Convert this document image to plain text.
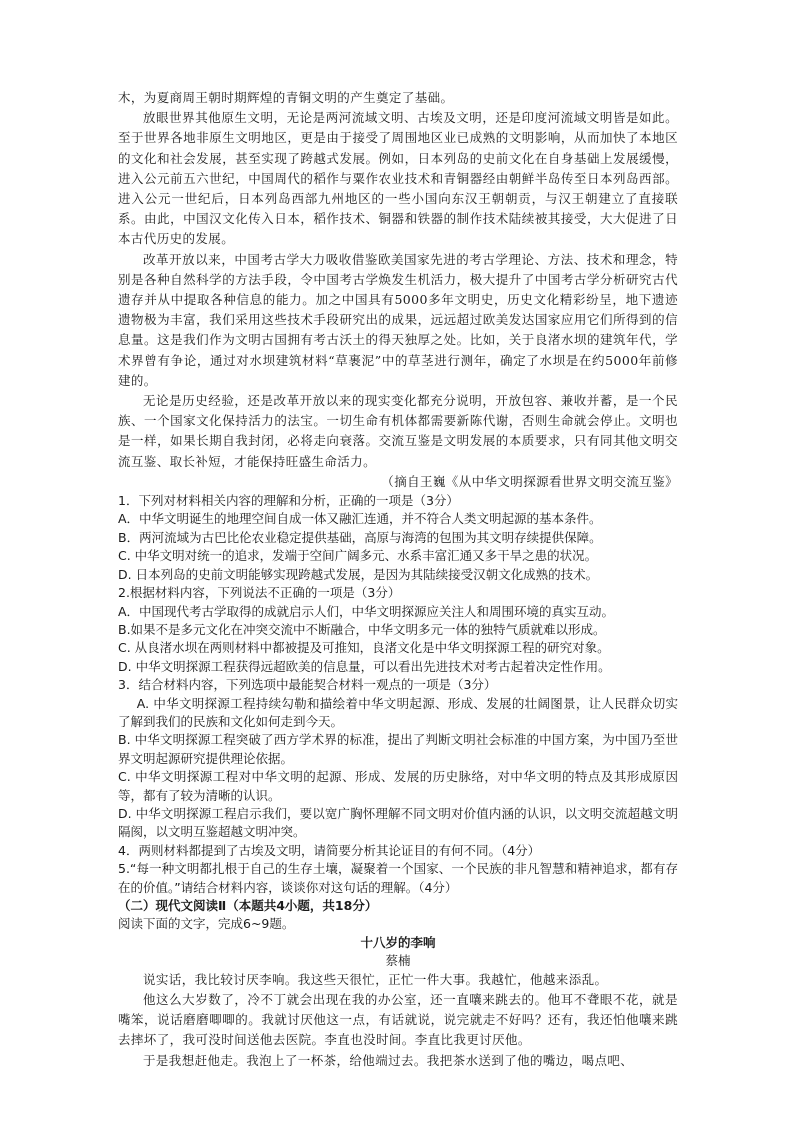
木，为夏商周王朝时期辉煌的青铜文明的产生奠定了基础。

放眼世界其他原生文明，无论是两河流域文明、古埃及文明，还是印度河流域文明皆是如此。至于世界各地非原生文明地区，更是由于接受了周围地区业已成熟的文明影响，从而加快了本地区的文化和社会发展，甚至实现了跨越式发展。例如，日本列岛的史前文化在自身基础上发展缓慢，进入公元前五六世纪，中国周代的稻作与粟作农业技术和青铜器经由朝鲜半岛传至日本列岛西部。进入公元一世纪后，日本列岛西部九州地区的一些小国向东汉王朝朝贡，与汉王朝建立了直接联系。由此，中国汉文化传入日本，稻作技术、铜器和铁器的制作技术陆续被其接受，大大促进了日本古代历史的发展。

改革开放以来，中国考古学大力吸收借鉴欧美国家先进的考古学理论、方法、技术和理念，特别是各种自然科学的方法手段，令中国考古学焕发生机活力，极大提升了中国考古学分析研究古代遗存并从中提取各种信息的能力。加之中国具有5000多年文明史，历史文化精彩纷呈，地下遗迹遗物极为丰富，我们采用这些技术手段研究出的成果，远远超过欧美发达国家应用它们所得到的信息量。这是我们作为文明古国拥有考古沃土的得天独厚之处。比如，关于良渚水坝的建筑年代，学术界曾有争论，通过对水坝建筑材料“草裹泥”中的草茎进行测年，确定了水坝是在约5000年前修建的。

无论是历史经验，还是改革开放以来的现实变化都充分说明，开放包容、兼收并蓄，是一个民族、一个国家文化保持活力的法宝。一切生命有机体都需要新陈代谢，否则生命就会停止。文明也是一样，如果长期自我封闭，必将走向衰落。交流互鉴是文明发展的本质要求，只有同其他文明交流互鉴、取长补短，才能保持旺盛生命活力。

（摘自王巍《从中华文明探源看世界文明交流互鉴》

1．下列对材料相关内容的理解和分析，正确的一项是（3分）

A．中华文明诞生的地理空间自成一体又融汇连通，并不符合人类文明起源的基本条件。

B．两河流域为古巴比伦农业稳定提供基础，高原与海湾的包围为其文明存续提供保障。

C. 中华文明对统一的追求，发端于空间广阔多元、水系丰富汇通又多干旱之患的状况。

D. 日本列岛的史前文明能够实现跨越式发展，是因为其陆续接受汉朝文化成熟的技术。

2.根据材料内容，下列说法不正确的一项是（3分）

A．中国现代考古学取得的成就启示人们，中华文明探源应关注人和周围环境的真实互动。

B.如果不是多元文化在冲突交流中不断融合，中华文明多元一体的独特气质就难以形成。

C. 从良渚水坝在两则材料中都被提及可推知，良渚文化是中华文明探源工程的研究对象。

D. 中华文明探源工程获得远超欧美的信息量，可以看出先进技术对考古起着决定性作用。

3．结合材料内容，下列选项中最能契合材料一观点的一项是（3分）

A. 中华文明探源工程持续勾勒和描绘着中华文明起源、形成、发展的壮阔图景，让人民群众切实了解到我们的民族和文化如何走到今天。

B. 中华文明探源工程突破了西方学术界的标准，提出了判断文明社会标准的中国方案，为中国乃至世界文明起源研究提供理论依据。

C. 中华文明探源工程对中华文明的起源、形成、发展的历史脉络，对中华文明的特点及其形成原因等，都有了较为清晰的认识。

D. 中华文明探源工程启示我们，要以宽广胸怀理解不同文明对价值内涵的认识，以文明交流超越文明隔阂，以文明互鉴超越文明冲突。

4．两则材料都提到了古埃及文明，请简要分析其论证目的有何不同。（4分）

5.“每一种文明都扎根于自己的生存土壤，凝聚着一个国家、一个民族的非凡智慧和精神追求，都有存在的价值。”请结合材料内容，谈谈你对这句话的理解。（4分）

（二）现代文阅读Ⅱ（本题共4小题，共18分）

阅读下面的文字，完成6~9题。

十八岁的李响
蔡楠

说实话，我比较讨厌李响。我这些天很忙，正忙一件大事。我越忙，他越来添乱。

他这么大岁数了，冷不丁就会出现在我的办公室，还一直嚷来跳去的。他耳不聋眼不花，就是嘴笨，说话磨磨唧唧的。我就讨厌他这一点，有话就说，说完就走不好吗？还有，我还怕他嚷来跳去摔坏了，我可没时间送他去医院。李直也没时间。李直比我更讨厌他。

于是我想赶他走。我泡上了一杯茶，给他端过去。我把茶水送到了他的嘴边，喝点吧、
